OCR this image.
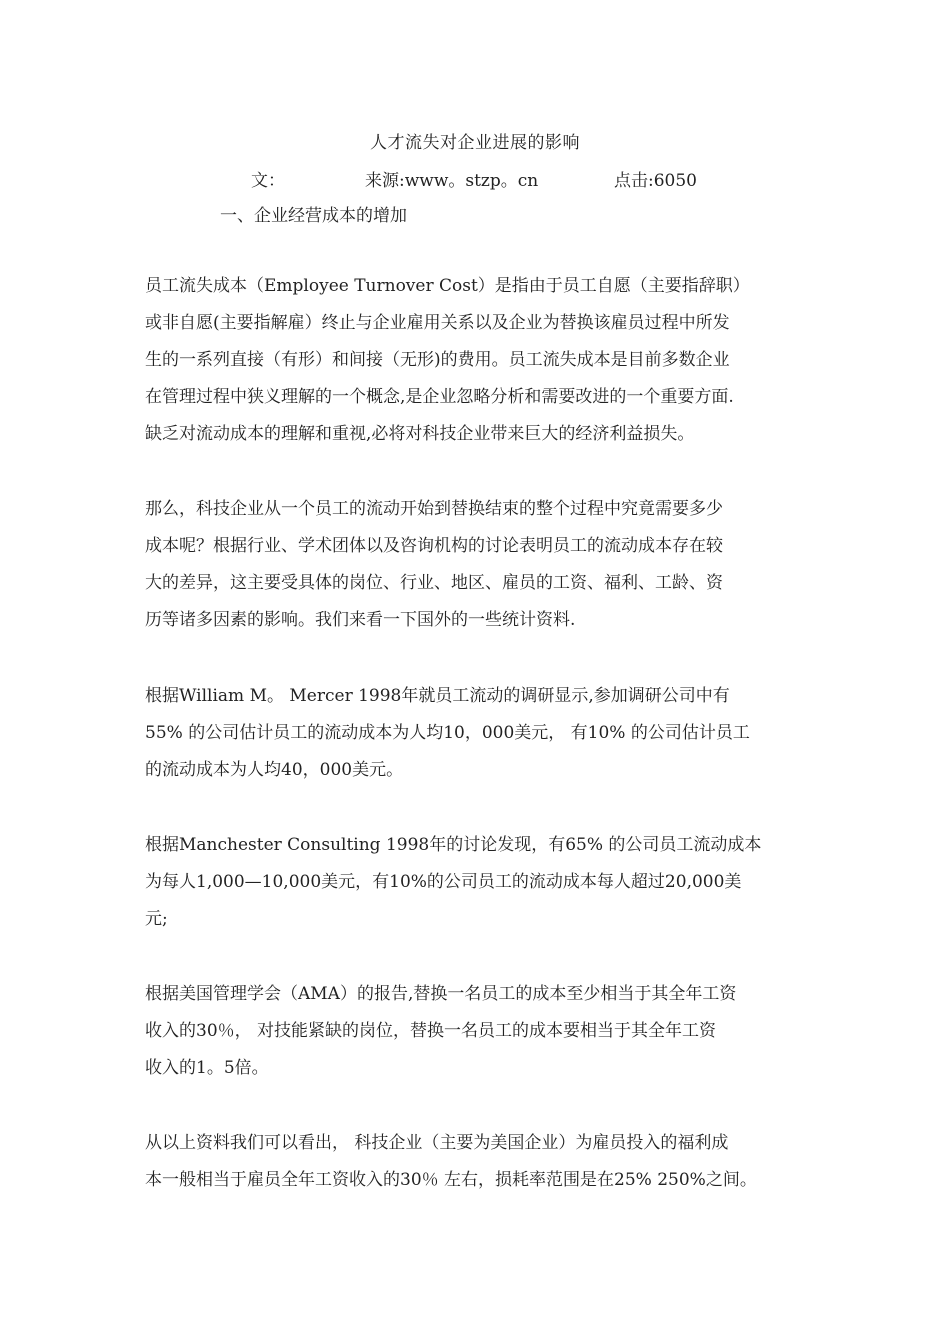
人才流失对企业进展的影响
文：	来源:www。stzp。cn	点击:6050
一、企业经营成本的增加

员工流失成本（Employee Turnover Cost）是指由于员工自愿（主要指辞职）
或非自愿(主要指解雇）终止与企业雇用关系以及企业为替换该雇员过程中所发
生的一系列直接（有形）和间接（无形)的费用。员工流失成本是目前多数企业
在管理过程中狭义理解的一个概念,是企业忽略分析和需要改进的一个重要方面.
缺乏对流动成本的理解和重视,必将对科技企业带来巨大的经济利益损失。

那么，科技企业从一个员工的流动开始到替换结束的整个过程中究竟需要多少
成本呢？根据行业、学术团体以及咨询机构的讨论表明员工的流动成本存在较
大的差异，这主要受具体的岗位、行业、地区、雇员的工资、福利、工龄、资
历等诸多因素的影响。我们来看一下国外的一些统计资料.

根据William M。 Mercer 1998年就员工流动的调研显示,参加调研公司中有
55% 的公司估计员工的流动成本为人均10，000美元， 有10% 的公司估计员工
的流动成本为人均40，000美元。

根据Manchester Consulting 1998年的讨论发现，有65% 的公司员工流动成本
为每人1,000—10,000美元，有10%的公司员工的流动成本每人超过20,000美
元;

根据美国管理学会（AMA）的报告,替换一名员工的成本至少相当于其全年工资
收入的30％， 对技能紧缺的岗位，替换一名员工的成本要相当于其全年工资
收入的1。5倍。

从以上资料我们可以看出， 科技企业（主要为美国企业）为雇员投入的福利成
本一般相当于雇员全年工资收入的30％ 左右，损耗率范围是在25% 250%之间。
